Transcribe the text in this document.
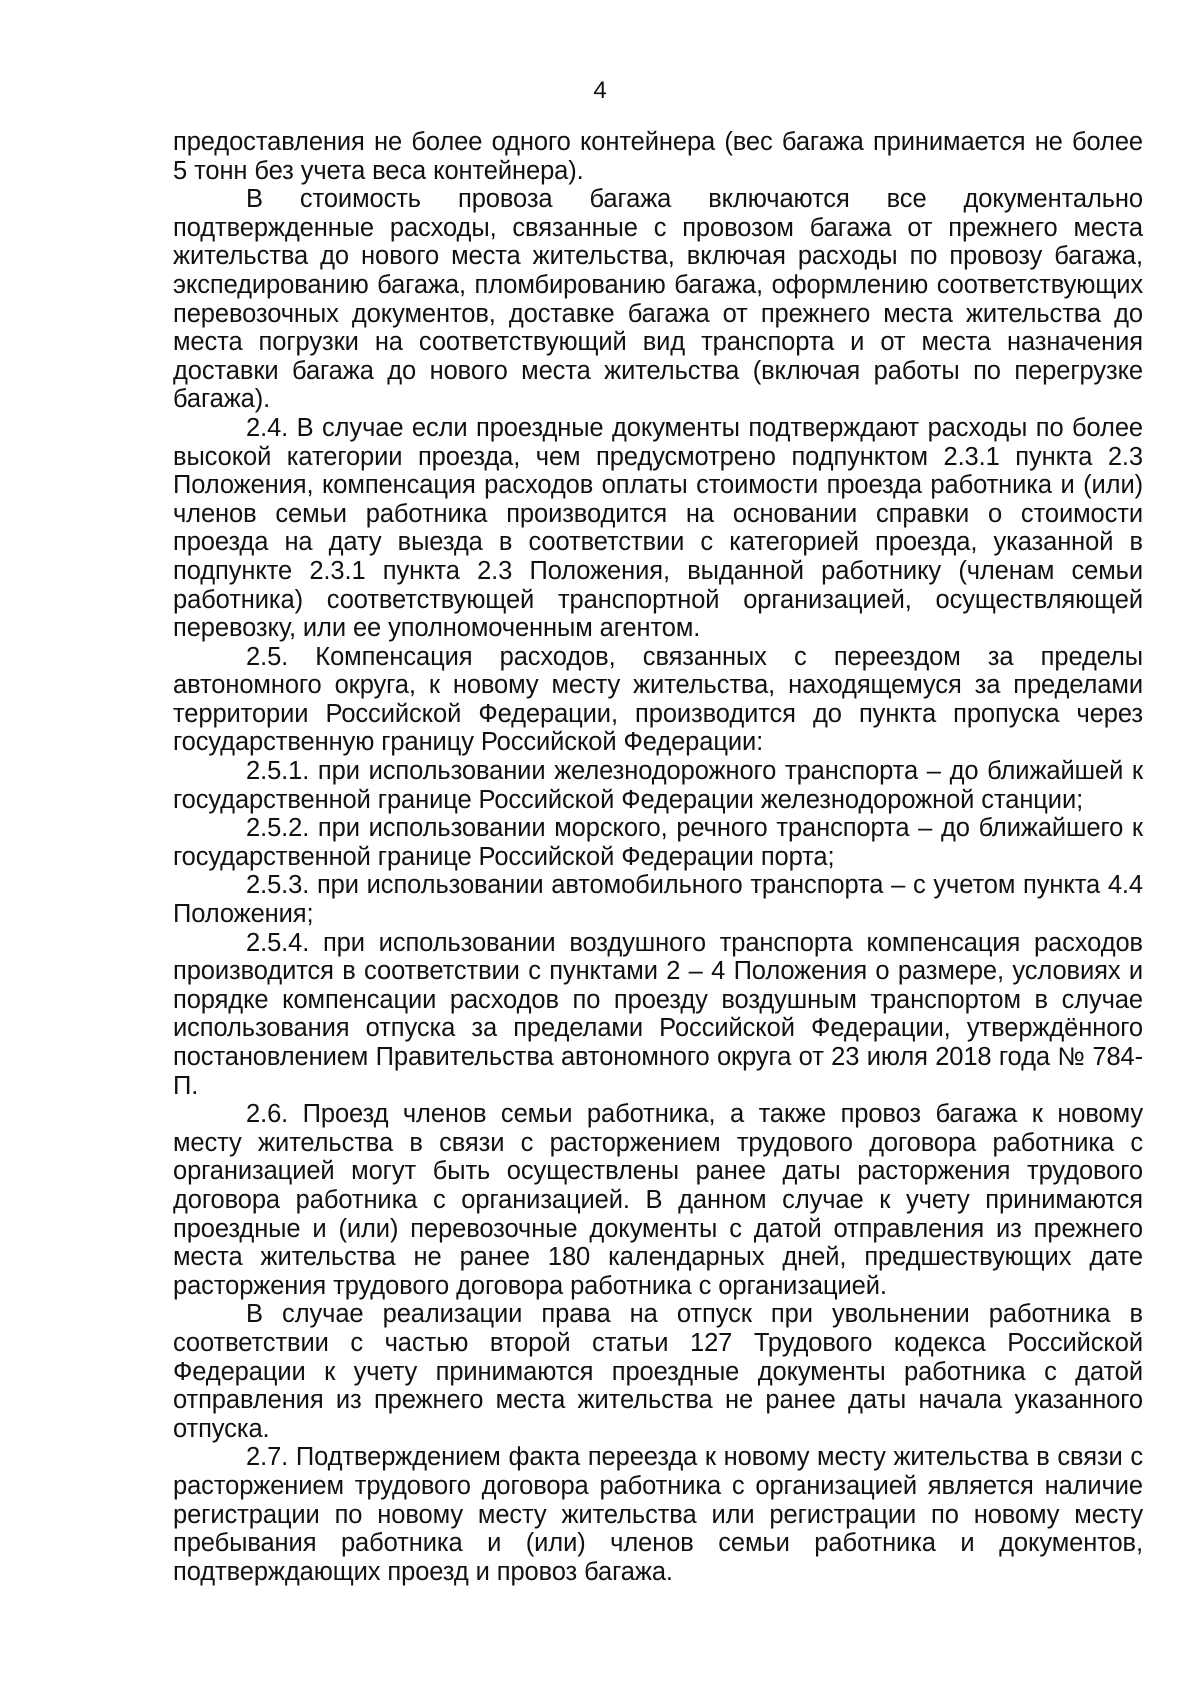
4

предоставления не более одного контейнера (вес багажа принимается не более 5 тонн без учета веса контейнера).

В стоимость провоза багажа включаются все документально подтвержденные расходы, связанные с провозом багажа от прежнего места жительства до нового места жительства, включая расходы по провозу багажа, экспедированию багажа, пломбированию багажа, оформлению соответствующих перевозочных документов, доставке багажа от прежнего места жительства до места погрузки на соответствующий вид транспорта и от места назначения доставки багажа до нового места жительства (включая работы по перегрузке багажа).

2.4. В случае если проездные документы подтверждают расходы по более высокой категории проезда, чем предусмотрено подпунктом 2.3.1 пункта 2.3 Положения, компенсация расходов оплаты стоимости проезда работника и (или) членов семьи работника производится на основании справки о стоимости проезда на дату выезда в соответствии с категорией проезда, указанной в подпункте 2.3.1 пункта 2.3 Положения, выданной работнику (членам семьи работника) соответствующей транспортной организацией, осуществляющей перевозку, или ее уполномоченным агентом.

2.5. Компенсация расходов, связанных с переездом за пределы автономного округа, к новому месту жительства, находящемуся за пределами территории Российской Федерации, производится до пункта пропуска через государственную границу Российской Федерации:

2.5.1. при использовании железнодорожного транспорта – до ближайшей к государственной границе Российской Федерации железнодорожной станции;

2.5.2. при использовании морского, речного транспорта – до ближайшего к государственной границе Российской Федерации порта;

2.5.3. при использовании автомобильного транспорта – с учетом пункта 4.4 Положения;

2.5.4. при использовании воздушного транспорта компенсация расходов производится в соответствии с пунктами 2 – 4 Положения о размере, условиях и порядке компенсации расходов по проезду воздушным транспортом в случае использования отпуска за пределами Российской Федерации, утверждённого постановлением Правительства автономного округа от 23 июля 2018 года № 784-П.

2.6. Проезд членов семьи работника, а также провоз багажа к новому месту жительства в связи с расторжением трудового договора работника с организацией могут быть осуществлены ранее даты расторжения трудового договора работника с организацией. В данном случае к учету принимаются проездные и (или) перевозочные документы с датой отправления из прежнего места жительства не ранее 180 календарных дней, предшествующих дате расторжения трудового договора работника с организацией.

В случае реализации права на отпуск при увольнении работника в соответствии с частью второй статьи 127 Трудового кодекса Российской Федерации к учету принимаются проездные документы работника с датой отправления из прежнего места жительства не ранее даты начала указанного отпуска.

2.7. Подтверждением факта переезда к новому месту жительства в связи с расторжением трудового договора работника с организацией является наличие регистрации по новому месту жительства или регистрации по новому месту пребывания работника и (или) членов семьи работника и документов, подтверждающих проезд и провоз багажа.
